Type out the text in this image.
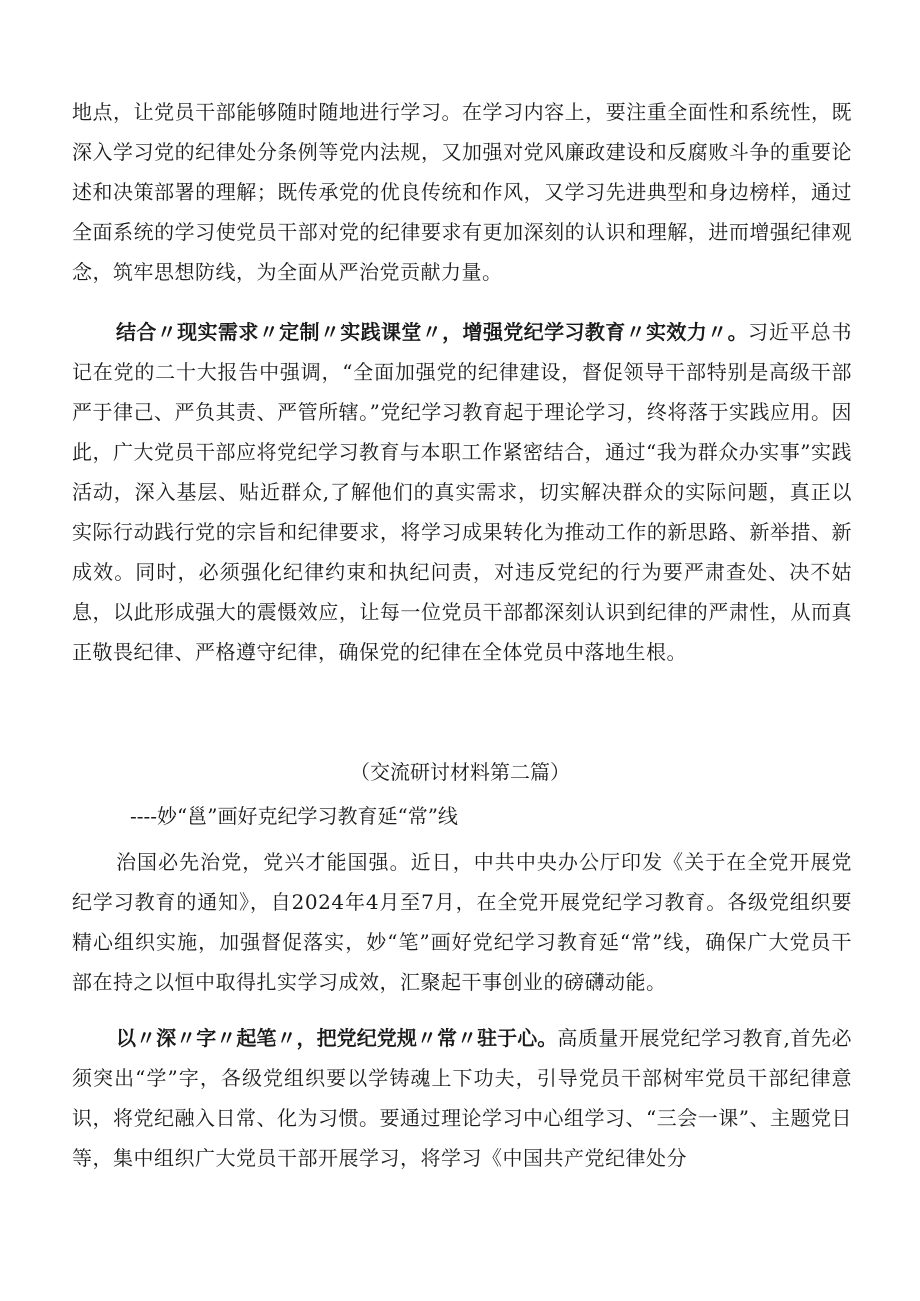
地点，让党员干部能够随时随地进行学习。在学习内容上，要注重全面性和系统性，既深入学习党的纪律处分条例等党内法规，又加强对党风廉政建设和反腐败斗争的重要论述和决策部署的理解；既传承党的优良传统和作风，又学习先进典型和身边榜样，通过全面系统的学习使党员干部对党的纪律要求有更加深刻的认识和理解，进而增强纪律观念，筑牢思想防线，为全面从严治党贡献力量。

结合〃现实需求〃定制〃实践课堂〃，增强党纪学习教育〃实效力〃。习近平总书记在党的二十大报告中强调，“全面加强党的纪律建设，督促领导干部特别是高级干部严于律己、严负其责、严管所辖。”党纪学习教育起于理论学习，终将落于实践应用。因此，广大党员干部应将党纪学习教育与本职工作紧密结合，通过“我为群众办实事”实践活动，深入基层、贴近群众,了解他们的真实需求，切实解决群众的实际问题，真正以实际行动践行党的宗旨和纪律要求，将学习成果转化为推动工作的新思路、新举措、新成效。同时，必须强化纪律约束和执纪问责，对违反党纪的行为要严肃查处、决不姑息，以此形成强大的震慑效应，让每一位党员干部都深刻认识到纪律的严肃性，从而真正敬畏纪律、严格遵守纪律，确保党的纪律在全体党员中落地生根。

（交流研讨材料第二篇）
----妙“邕”画好克纪学习教育延“常”线

治国必先治党，党兴才能国强。近日，中共中央办公厅印发《关于在全党开展党纪学习教育的通知》，自2024年4月至7月，在全党开展党纪学习教育。各级党组织要精心组织实施，加强督促落实，妙“笔”画好党纪学习教育延“常”线，确保广大党员干部在持之以恒中取得扎实学习成效，汇聚起干事创业的磅礴动能。

以〃深〃字〃起笔〃，把党纪党规〃常〃驻于心。高质量开展党纪学习教育,首先必须突出“学”字，各级党组织要以学铸魂上下功夫，引导党员干部树牢党员干部纪律意识，将党纪融入日常、化为习惯。要通过理论学习中心组学习、“三会一课”、主题党日等，集中组织广大党员干部开展学习，将学习《中国共产党纪律处分
